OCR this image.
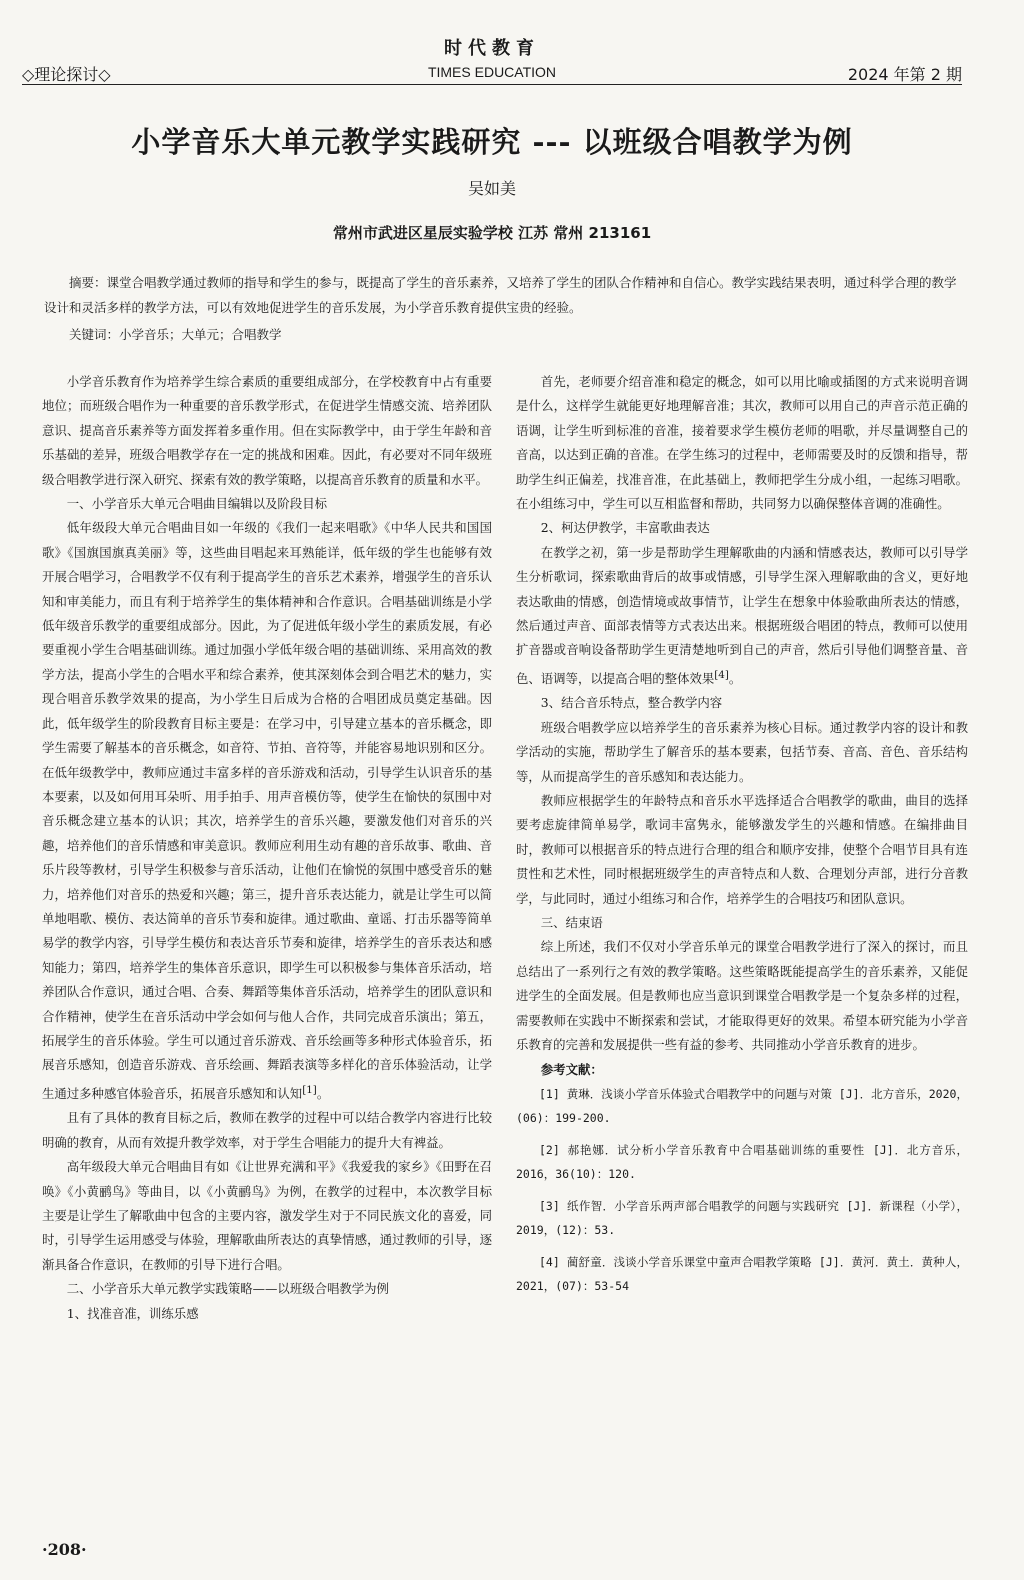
◇理论探讨◇
时代教育
TIMES EDUCATION	2024 年第 2 期
小学音乐大单元教学实践研究 --- 以班级合唱教学为例
吴如美
常州市武进区星辰实验学校 江苏 常州 213161

摘要：课堂合唱教学通过教师的指导和学生的参与，既提高了学生的音乐素养，又培养了学生的团队合作精神和自信心。教学实践结果表明，通过科学合理的教学设计和灵活多样的教学方法，可以有效地促进学生的音乐发展，为小学音乐教育提供宝贵的经验。

关键词：小学音乐；大单元；合唱教学

小学音乐教育作为培养学生综合素质的重要组成部分，在学校教育中占有重要地位；而班级合唱作为一种重要的音乐教学形式，在促进学生情感交流、培养团队意识、提高音乐素养等方面发挥着多重作用。但在实际教学中，由于学生年龄和音乐基础的差异，班级合唱教学存在一定的挑战和困难。因此，有必要对不同年级班级合唱教学进行深入研究、探索有效的教学策略，以提高音乐教育的质量和水平。

一、小学音乐大单元合唱曲目编辑以及阶段目标

低年级段大单元合唱曲目如一年级的《我们一起来唱歌》《中华人民共和国国歌》《国旗国旗真美丽》等，这些曲目唱起来耳熟能详，低年级的学生也能够有效开展合唱学习，合唱教学不仅有利于提高学生的音乐艺术素养，增强学生的音乐认知和审美能力，而且有利于培养学生的集体精神和合作意识。合唱基础训练是小学低年级音乐教学的重要组成部分。因此，为了促进低年级小学生的素质发展，有必要重视小学生合唱基础训练。通过加强小学低年级合唱的基础训练、采用高效的教学方法，提高小学生的合唱水平和综合素养，使其深刻体会到合唱艺术的魅力，实现合唱音乐教学效果的提高，为小学生日后成为合格的合唱团成员奠定基础。因此，低年级学生的阶段教育目标主要是：在学习中，引导建立基本的音乐概念，即学生需要了解基本的音乐概念，如音符、节拍、音符等，并能容易地识别和区分。在低年级教学中，教师应通过丰富多样的音乐游戏和活动，引导学生认识音乐的基本要素，以及如何用耳朵听、用手拍手、用声音模仿等，使学生在愉快的氛围中对音乐概念建立基本的认识；其次，培养学生的音乐兴趣，要激发他们对音乐的兴趣，培养他们的音乐情感和审美意识。教师应利用生动有趣的音乐故事、歌曲、音乐片段等教材，引导学生积极参与音乐活动，让他们在愉悦的氛围中感受音乐的魅力，培养他们对音乐的热爱和兴趣；第三，提升音乐表达能力，就是让学生可以简单地唱歌、模仿、表达简单的音乐节奏和旋律。通过歌曲、童谣、打击乐器等简单易学的教学内容，引导学生模仿和表达音乐节奏和旋律，培养学生的音乐表达和感知能力；第四，培养学生的集体音乐意识，即学生可以积极参与集体音乐活动，培养团队合作意识，通过合唱、合奏、舞蹈等集体音乐活动，培养学生的团队意识和合作精神，使学生在音乐活动中学会如何与他人合作，共同完成音乐演出；第五，拓展学生的音乐体验。学生可以通过音乐游戏、音乐绘画等多种形式体验音乐，拓展音乐感知，创造音乐游戏、音乐绘画、舞蹈表演等多样化的音乐体验活动，让学生通过多种感官体验音乐，拓展音乐感知和认知[1]。

且有了具体的教育目标之后，教师在教学的过程中可以结合教学内容进行比较明确的教育，从而有效提升教学效率，对于学生合唱能力的提升大有裨益。

高年级段大单元合唱曲目有如《让世界充满和平》《我爱我的家乡》《田野在召唤》《小黄鹂鸟》等曲目，以《小黄鹂鸟》为例，在教学的过程中，本次教学目标主要是让学生了解歌曲中包含的主要内容，激发学生对于不同民族文化的喜爱，同时，引导学生运用感受与体验，理解歌曲所表达的真挚情感，通过教师的引导，逐渐具备合作意识，在教师的引导下进行合唱。

二、小学音乐大单元教学实践策略——以班级合唱教学为例

1、找准音准，训练乐感

首先，老师要介绍音准和稳定的概念，如可以用比喻或插图的方式来说明音调是什么，这样学生就能更好地理解音准；其次，教师可以用自己的声音示范正确的语调，让学生听到标准的音准，接着要求学生模仿老师的唱歌，并尽量调整自己的音高，以达到正确的音准。在学生练习的过程中，老师需要及时的反馈和指导，帮助学生纠正偏差，找准音准，在此基础上，教师把学生分成小组，一起练习唱歌。在小组练习中，学生可以互相监督和帮助，共同努力以确保整体音调的准确性。

2、柯达伊教学，丰富歌曲表达

在教学之初，第一步是帮助学生理解歌曲的内涵和情感表达，教师可以引导学生分析歌词，探索歌曲背后的故事或情感，引导学生深入理解歌曲的含义，更好地表达歌曲的情感，创造情境或故事情节，让学生在想象中体验歌曲所表达的情感，然后通过声音、面部表情等方式表达出来。根据班级合唱团的特点，教师可以使用扩音器或音响设备帮助学生更清楚地听到自己的声音，然后引导他们调整音量、音色、语调等，以提高合唱的整体效果[4]。

3、结合音乐特点，整合教学内容

班级合唱教学应以培养学生的音乐素养为核心目标。通过教学内容的设计和教学活动的实施，帮助学生了解音乐的基本要素，包括节奏、音高、音色、音乐结构等，从而提高学生的音乐感知和表达能力。

教师应根据学生的年龄特点和音乐水平选择适合合唱教学的歌曲，曲目的选择要考虑旋律简单易学，歌词丰富隽永，能够激发学生的兴趣和情感。在编排曲目时，教师可以根据音乐的特点进行合理的组合和顺序安排，使整个合唱节目具有连贯性和艺术性，同时根据班级学生的声音特点和人数、合理划分声部，进行分音教学，与此同时，通过小组练习和合作，培养学生的合唱技巧和团队意识。

三、结束语

综上所述，我们不仅对小学音乐单元的课堂合唱教学进行了深入的探讨，而且总结出了一系列行之有效的教学策略。这些策略既能提高学生的音乐素养，又能促进学生的全面发展。但是教师也应当意识到课堂合唱教学是一个复杂多样的过程，需要教师在实践中不断探索和尝试，才能取得更好的效果。希望本研究能为小学音乐教育的完善和发展提供一些有益的参考、共同推动小学音乐教育的进步。

参考文献：

[1] 黄琳．浅谈小学音乐体验式合唱教学中的问题与对策 [J]．北方音乐，2020，(06)：199-200.

[2] 郝艳娜．试分析小学音乐教育中合唱基础训练的重要性 [J]．北方音乐，2016，36(10)：120.

[3] 纸作智．小学音乐两声部合唱教学的问题与实践研究 [J]．新课程（小学），2019，(12)：53.

[4] 蔺舒童．浅谈小学音乐课堂中童声合唱教学策略 [J]．黄河．黄土．黄种人，2021，(07)：53-54

·208·
